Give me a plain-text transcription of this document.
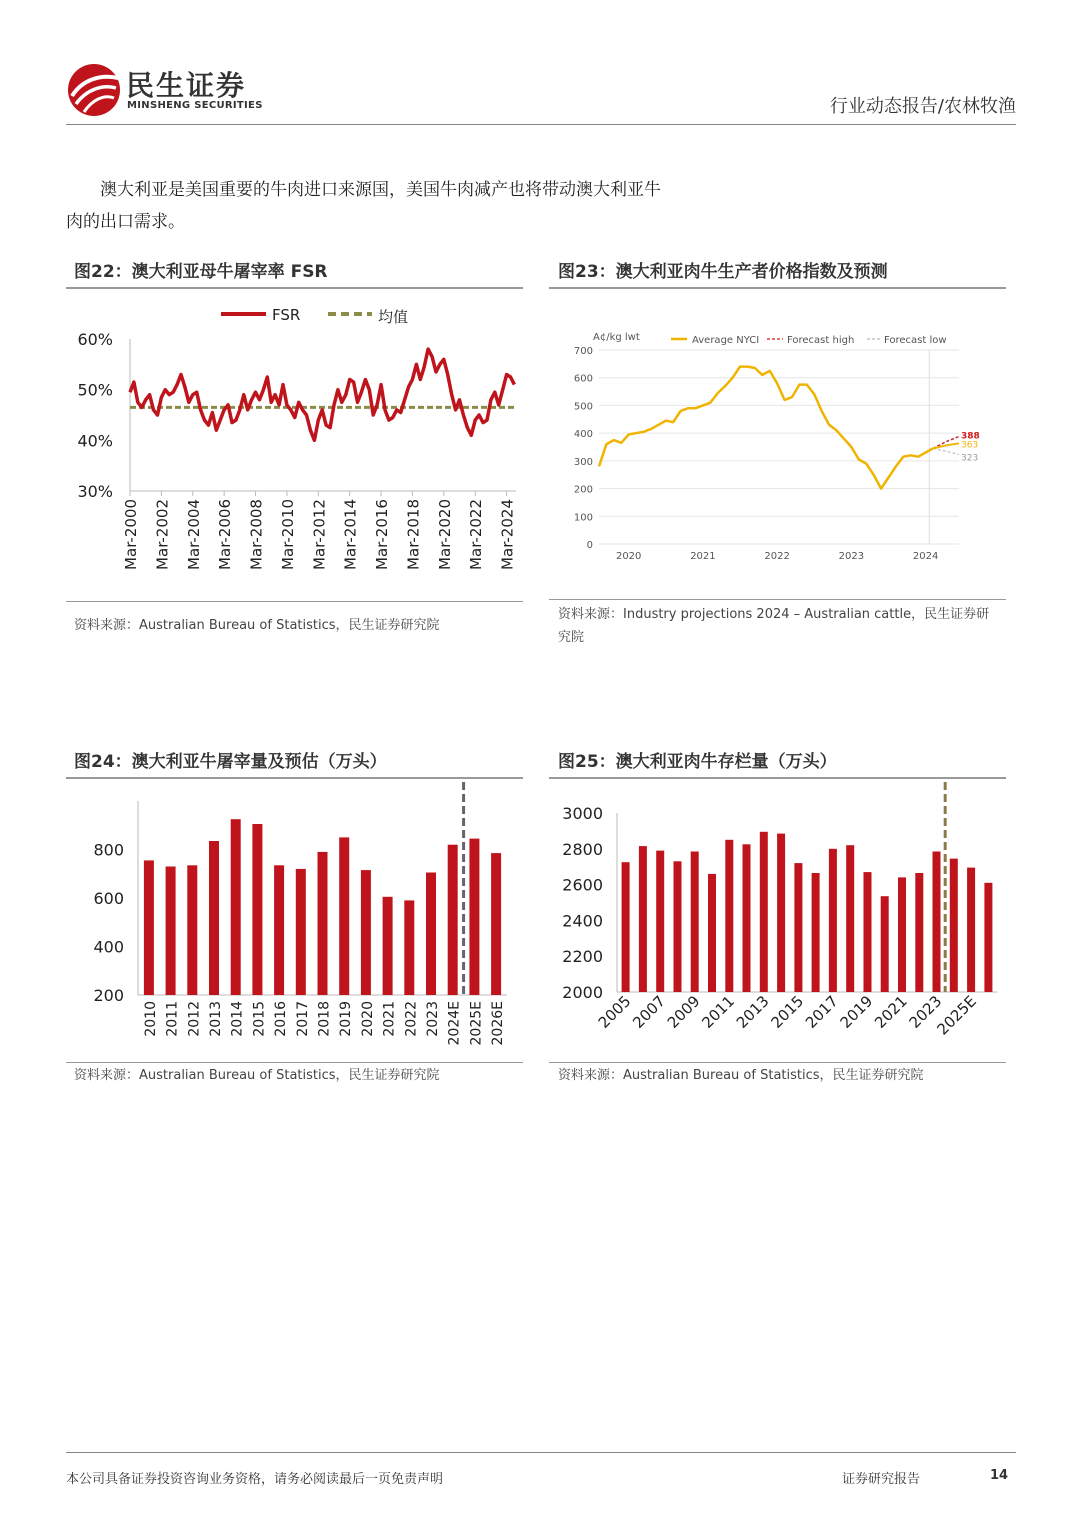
民生证券
MINSHENG SECURITIES	行业动态报告/农林牧渔
澳大利亚是美国重要的牛肉进口来源国，美国牛肉减产也将带动澳大利亚牛
肉的出口需求。
图22：澳大利亚母牛屠宰率 FSR
FSR	均值
30%
40%
50%
60%
Mar-2000 Mar-2002 Mar-2004 Mar-2006 Mar-2008 Mar-2010 Mar-2012 Mar-2014 Mar-2016 Mar-2018 Mar-2020 Mar-2022 Mar-2024
资料来源：Australian Bureau of Statistics，民生证券研究院
图23：澳大利亚肉牛生产者价格指数及预测
A¢/kg lwt	Average NYCI	Forecast high	Forecast low
0
100
200
300
400
500
600
700
2020	2021	2022	2023	2024
388
363
323
资料来源：Industry projections 2024 – Australian cattle，民生证券研
究院
图24：澳大利亚牛屠宰量及预估（万头）
200
400
600
800
2010 2011 2012 2013 2014 2015 2016 2017 2018 2019 2020 2021 2022 2023 2024E 2025E 2026E
资料来源：Australian Bureau of Statistics，民生证券研究院
图25：澳大利亚肉牛存栏量（万头）
2000
2200
2400
2600
2800
3000
2005
2007
2009
2011
2013
2015
2017
2019
2021
2023
2025E
资料来源：Australian Bureau of Statistics，民生证券研究院
本公司具备证券投资咨询业务资格，请务必阅读最后一页免责声明	证券研究报告	14
